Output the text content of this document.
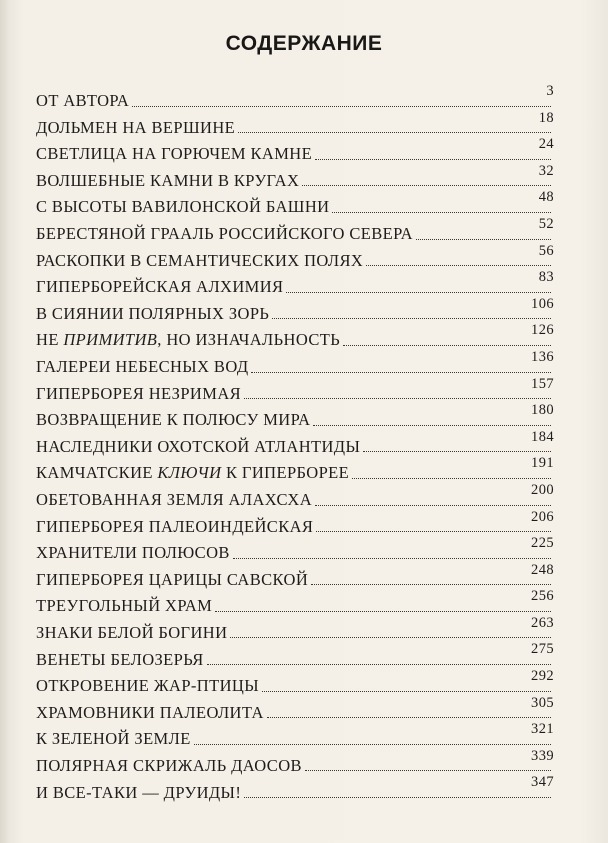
СОДЕРЖАНИЕ
ОТ АВТОРА
3
ДОЛЬМЕН НА ВЕРШИНЕ
18
СВЕТЛИЦА НА ГОРЮЧЕМ КАМНЕ
24
ВОЛШЕБНЫЕ КАМНИ В КРУГАХ
32
С ВЫСОТЫ ВАВИЛОНСКОЙ БАШНИ
48
БЕРЕСТЯНОЙ ГРААЛЬ РОССИЙСКОГО СЕВЕРА
52
РАСКОПКИ В СЕМАНТИЧЕСКИХ ПОЛЯХ
56
ГИПЕРБОРЕЙСКАЯ АЛХИМИЯ
83
В СИЯНИИ ПОЛЯРНЫХ ЗОРЬ
106
НЕ ПРИМИТИВ, НО ИЗНАЧАЛЬНОСТЬ
126
ГАЛЕРЕИ НЕБЕСНЫХ ВОД
136
ГИПЕРБОРЕЯ НЕЗРИМАЯ
157
ВОЗВРАЩЕНИЕ К ПОЛЮСУ МИРА
180
НАСЛЕДНИКИ ОХОТСКОЙ АТЛАНТИДЫ
184
КАМЧАТСКИЕ КЛЮЧИ К ГИПЕРБОРЕЕ
191
ОБЕТОВАННАЯ ЗЕМЛЯ АЛАХСХА
200
ГИПЕРБОРЕЯ ПАЛЕОИНДЕЙСКАЯ
206
ХРАНИТЕЛИ ПОЛЮСОВ
225
ГИПЕРБОРЕЯ ЦАРИЦЫ САВСКОЙ
248
ТРЕУГОЛЬНЫЙ ХРАМ
256
ЗНАКИ БЕЛОЙ БОГИНИ
263
ВЕНЕТЫ БЕЛОЗЕРЬЯ
275
ОТКРОВЕНИЕ ЖАР-ПТИЦЫ
292
ХРАМОВНИКИ ПАЛЕОЛИТА
305
К ЗЕЛЕНОЙ ЗЕМЛЕ
321
ПОЛЯРНАЯ СКРИЖАЛЬ ДАОСОВ
339
И ВСЕ-ТАКИ — ДРУИДЫ!
347
